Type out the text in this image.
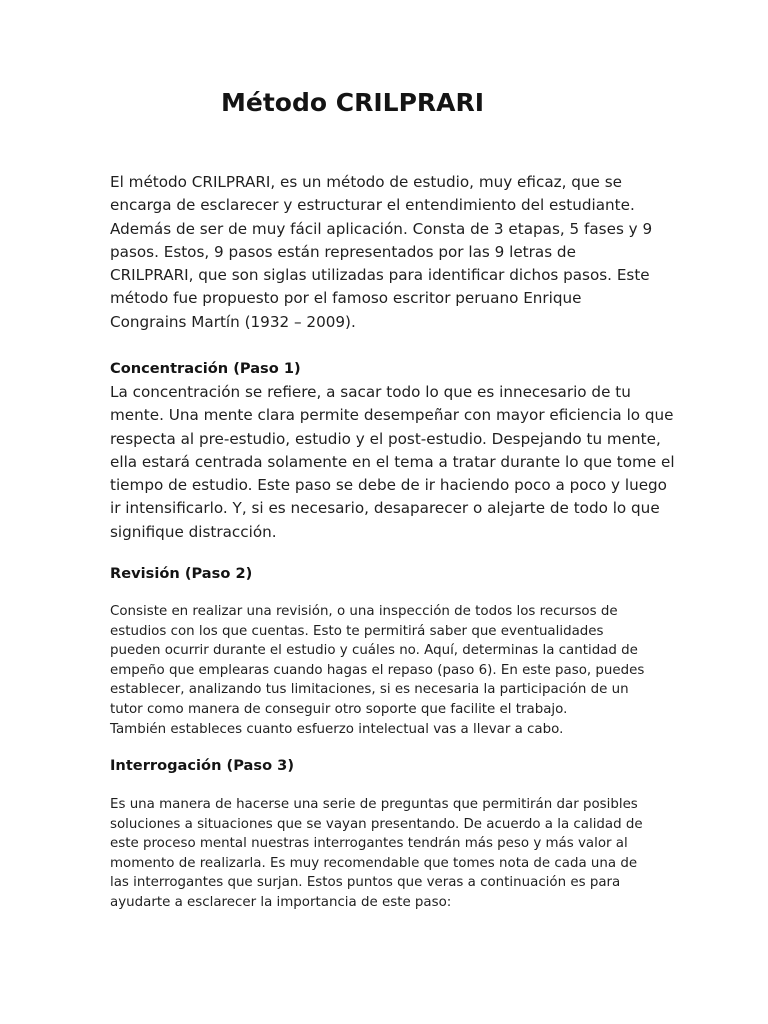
Método CRILPRARI

El método CRILPRARI, es un método de estudio, muy eficaz, que se
encarga de esclarecer y estructurar el entendimiento del estudiante.
Además de ser de muy fácil aplicación. Consta de 3 etapas, 5 fases y 9
pasos. Estos, 9 pasos están representados por las 9 letras de
CRILPRARI, que son siglas utilizadas para identificar dichos pasos. Este
método fue propuesto por el famoso escritor peruano Enrique
Congrains Martín (1932 – 2009).

Concentración (Paso 1)

La concentración se refiere, a sacar todo lo que es innecesario de tu
mente. Una mente clara permite desempeñar con mayor eficiencia lo que
respecta al pre-estudio, estudio y el post-estudio. Despejando tu mente,
ella estará centrada solamente en el tema a tratar durante lo que tome el
tiempo de estudio. Este paso se debe de ir haciendo poco a poco y luego
ir intensificarlo. Y, si es necesario, desaparecer o alejarte de todo lo que
signifique distracción.

Revisión (Paso 2)

Consiste en realizar una revisión, o una inspección de todos los recursos de
estudios con los que cuentas. Esto te permitirá saber que eventualidades
pueden ocurrir durante el estudio y cuáles no. Aquí, determinas la cantidad de
empeño que emplearas cuando hagas el repaso (paso 6). En este paso, puedes
establecer, analizando tus limitaciones, si es necesaria la participación de un
tutor como manera de conseguir otro soporte que facilite el trabajo.
También estableces cuanto esfuerzo intelectual vas a llevar a cabo.

Interrogación (Paso 3)

Es una manera de hacerse una serie de preguntas que permitirán dar posibles
soluciones a situaciones que se vayan presentando. De acuerdo a la calidad de
este proceso mental nuestras interrogantes tendrán más peso y más valor al
momento de realizarla. Es muy recomendable que tomes nota de cada una de
las interrogantes que surjan. Estos puntos que veras a continuación es para
ayudarte a esclarecer la importancia de este paso:
